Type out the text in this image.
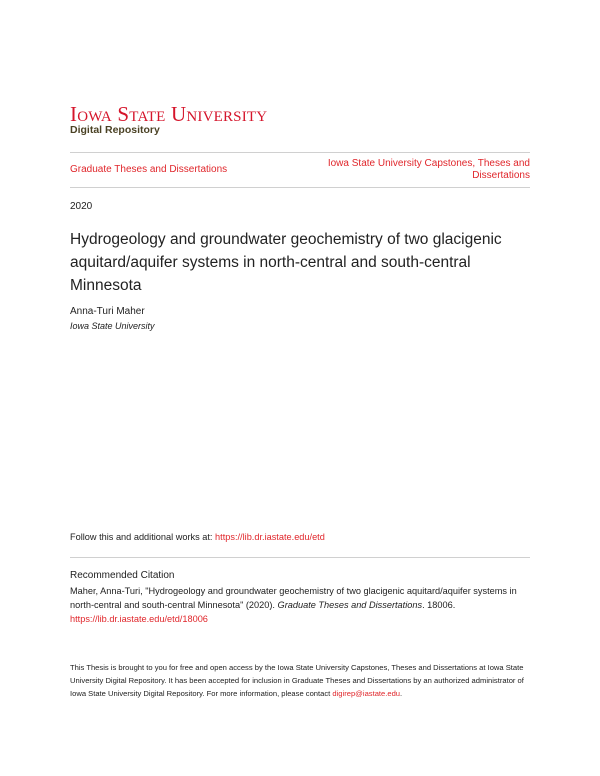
Iowa State University
Digital Repository
Graduate Theses and Dissertations
Iowa State University Capstones, Theses and Dissertations
2020
Hydrogeology and groundwater geochemistry of two glacigenic aquitard/aquifer systems in north-central and south-central Minnesota
Anna-Turi Maher
Iowa State University
Follow this and additional works at: https://lib.dr.iastate.edu/etd
Recommended Citation
Maher, Anna-Turi, "Hydrogeology and groundwater geochemistry of two glacigenic aquitard/aquifer systems in north-central and south-central Minnesota" (2020). Graduate Theses and Dissertations. 18006.
https://lib.dr.iastate.edu/etd/18006
This Thesis is brought to you for free and open access by the Iowa State University Capstones, Theses and Dissertations at Iowa State University Digital Repository. It has been accepted for inclusion in Graduate Theses and Dissertations by an authorized administrator of Iowa State University Digital Repository. For more information, please contact digirep@iastate.edu.
